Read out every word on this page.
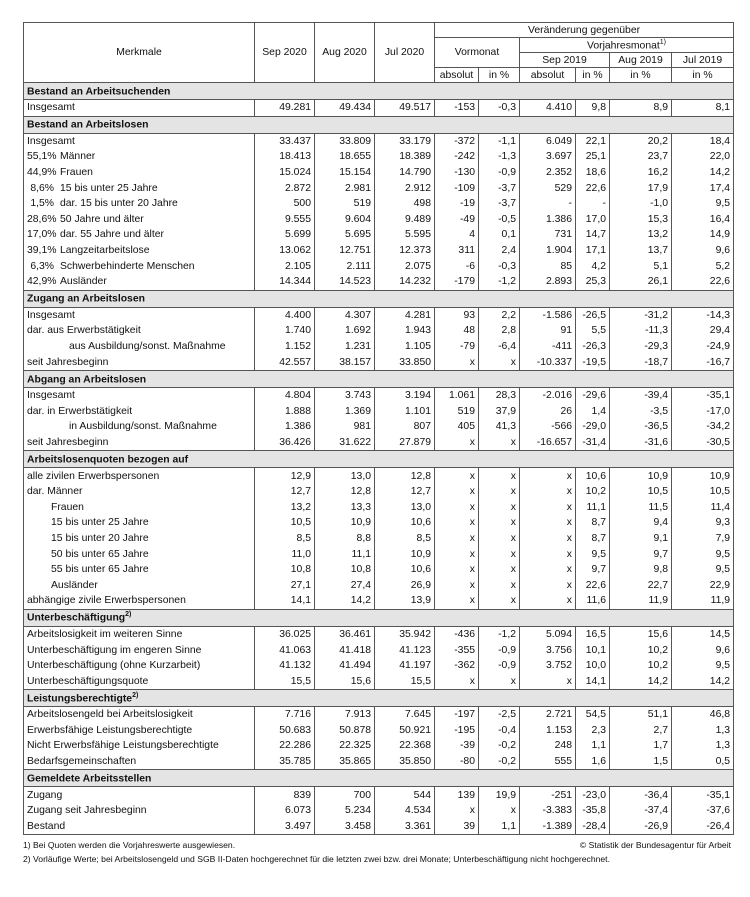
Merkmale	Sep 2020	Aug 2020	Jul 2020	Veränderung gegenüber					
				Vormonat		Vorjahresmonat$^{1)}$
						Sep 2019		Aug 2019	Jul 2019
				absolut	in %	absolut	in %	in %	in %
Bestand an Arbeitsuchenden									
Insgesamt	49.281	49.434	49.517	-153	-0,3	4.410	9,8	8,9	8,1
Bestand an Arbeitslosen									
Insgesamt	33.437	33.809	33.179	-372	-1,1	6.049	22,1	20,2	18,4
55,1% Männer	18.413	18.655	18.389	-242	-1,3	3.697	25,1	23,7	22,0
44,9% Frauen	15.024	15.154	14.790	-130	-0,9	2.352	18,6	16,2	14,2
8,6% 15 bis unter 25 Jahre	2.872	2.981	2.912	-109	-3,7	529	22,6	17,9	17,4
1,5% dar. 15 bis unter 20 Jahre	500	519	498	-19	-3,7	-	-	-1,0	9,5
28,6% 50 Jahre und älter	9.555	9.604	9.489	-49	-0,5	1.386	17,0	15,3	16,4
17,0% dar. 55 Jahre und älter	5.699	5.695	5.595	4	0,1	731	14,7	13,2	14,9
39,1% Langzeitarbeitslose	13.062	12.751	12.373	311	2,4	1.904	17,1	13,7	9,6
6,3% Schwerbehinderte Menschen	2.105	2.111	2.075	-6	-0,3	85	4,2	5,1	5,2
42,9% Ausländer	14.344	14.523	14.232	-179	-1,2	2.893	25,3	26,1	22,6
Zugang an Arbeitslosen									
Insgesamt	4.400	4.307	4.281	93	2,2	-1.586	-26,5	-31,2	-14,3
dar. aus Erwerbstätigkeit	1.740	1.692	1.943	48	2,8	91	5,5	-11,3	29,4
aus Ausbildung/sonst. Maßnahme	1.152	1.231	1.105	-79	-6,4	-411	-26,3	-29,3	-24,9
seit Jahresbeginn	42.557	38.157	33.850	x	x	-10.337	-19,5	-18,7	-16,7
Abgang an Arbeitslosen									
Insgesamt	4.804	3.743	3.194	1.061	28,3	-2.016	-29,6	-39,4	-35,1
dar. in Erwerbstätigkeit	1.888	1.369	1.101	519	37,9	26	1,4	-3,5	-17,0
in Ausbildung/sonst. Maßnahme	1.386	981	807	405	41,3	-566	-29,0	-36,5	-34,2
seit Jahresbeginn	36.426	31.622	27.879	x	x	-16.657	-31,4	-31,6	-30,5
Arbeitslosenquoten bezogen auf									
alle zivilen Erwerbspersonen	12,9	13,0	12,8	x	x	x	10,6	10,9	10,9
dar. Männer	12,7	12,8	12,7	x	x	x	10,2	10,5	10,5
Frauen	13,2	13,3	13,0	x	x	x	11,1	11,5	11,4
15 bis unter 25 Jahre	10,5	10,9	10,6	x	x	x	8,7	9,4	9,3
15 bis unter 20 Jahre	8,5	8,8	8,5	x	x	x	8,7	9,1	7,9
50 bis unter 65 Jahre	11,0	11,1	10,9	x	x	x	9,5	9,7	9,5
55 bis unter 65 Jahre	10,8	10,8	10,6	x	x	x	9,7	9,8	9,5
Ausländer	27,1	27,4	26,9	x	x	x	22,6	22,7	22,9
abhängige zivile Erwerbspersonen	14,1	14,2	13,9	x	x	x	11,6	11,9	11,9
Unterbeschäftigung$^{2)}$
Arbeitslosigkeit im weiteren Sinne	36.025	36.461	35.942	-436	-1,2	5.094	16,5	15,6	14,5
Unterbeschäftigung im engeren Sinne	41.063	41.418	41.123	-355	-0,9	3.756	10,1	10,2	9,6
Unterbeschäftigung (ohne Kurzarbeit)	41.132	41.494	41.197	-362	-0,9	3.752	10,0	10,2	9,5
Unterbeschäftigungsquote	15,5	15,6	15,5	x	x	x	14,1	14,2	14,2
Leistungsberechtigte$^{2)}$
Arbeitslosengeld bei Arbeitslosigkeit	7.716	7.913	7.645	-197	-2,5	2.721	54,5	51,1	46,8
Erwerbsfähige Leistungsberechtigte	50.683	50.878	50.921	-195	-0,4	1.153	2,3	2,7	1,3
Nicht Erwerbsfähige Leistungsberechtigte	22.286	22.325	22.368	-39	-0,2	248	1,1	1,7	1,3
Bedarfsgemeinschaften	35.785	35.865	35.850	-80	-0,2	555	1,6	1,5	0,5
Gemeldete Arbeitsstellen									
Zugang	839	700	544	139	19,9	-251	-23,0	-36,4	-35,1
Zugang seit Jahresbeginn	6.073	5.234	4.534	x	x	-3.383	-35,8	-37,4	-37,6
Bestand	3.497	3.458	3.361	39	1,1	-1.389	-28,4	-26,9	-26,4
1) Bei Quoten werden die Vorjahreswerte ausgewiesen.	© Statistik der Bundesagentur für Arbeit
2) Vorläufige Werte; bei Arbeitslosengeld und SGB II-Daten hochgerechnet für die letzten zwei bzw. drei Monate; Unterbeschäftigung nicht hochgerechnet.
